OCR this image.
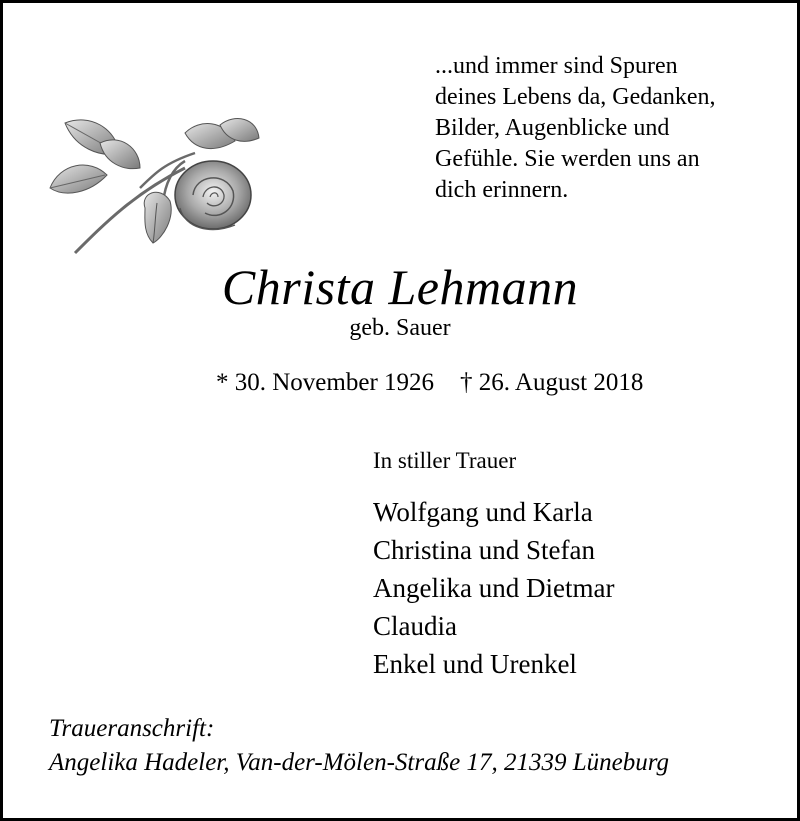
...und immer sind Spuren
deines Lebens da, Gedanken,
Bilder, Augenblicke und
Gefühle. Sie werden uns an
dich erinnern.

Christa Lehmann
geb. Sauer
* 30. November 1926 † 26. August 2018
In stiller Trauer
Wolfgang und Karla
Christina und Stefan
Angelika und Dietmar
Claudia
Enkel und Urenkel
Traueranschrift:
Angelika Hadeler, Van-der-Mölen-Straße 17, 21339 Lüneburg
